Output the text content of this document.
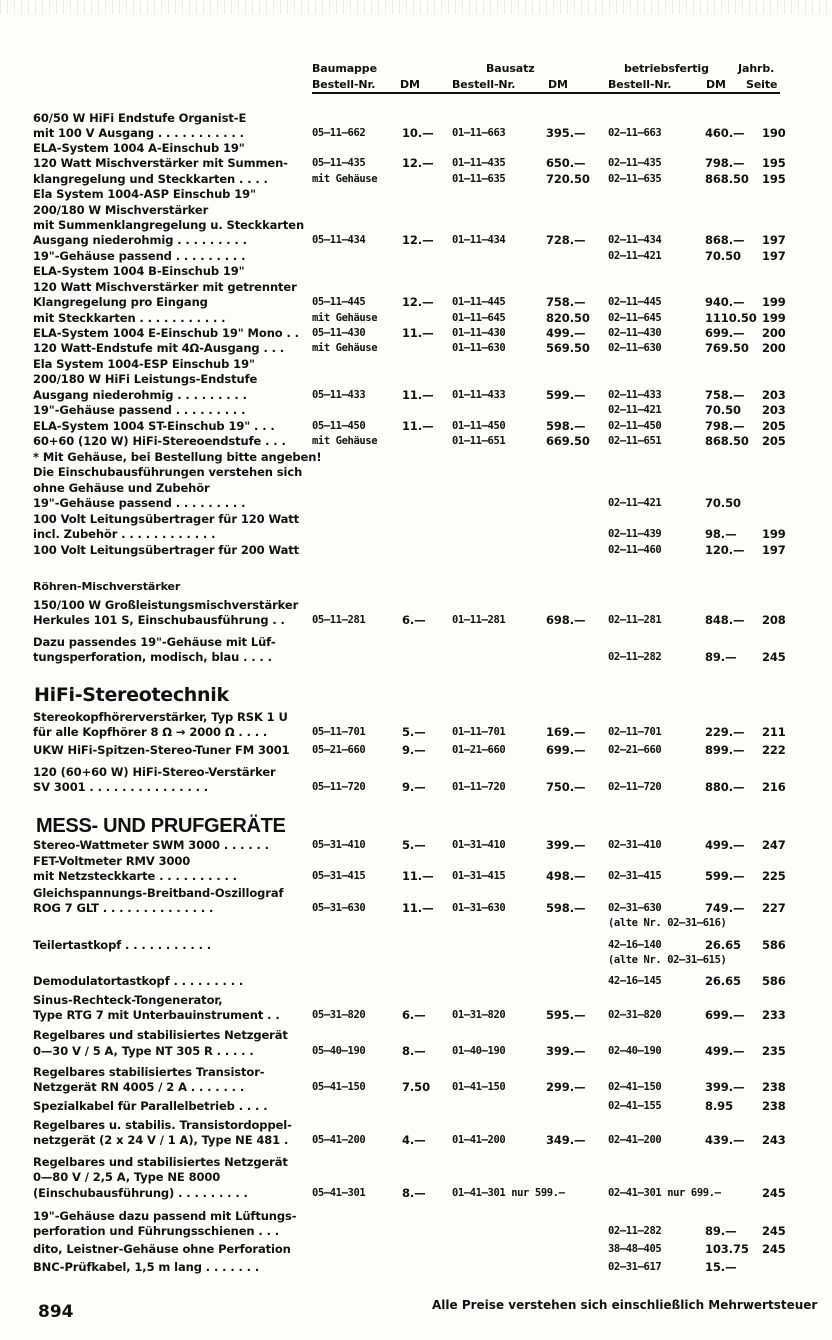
Baumappe	Bausatz	betriebsfertig	Jahrb.
Bestell-Nr. DM	Bestell-Nr.	DM	Bestell-Nr.	DM Seite
HiFi-Stereotechnik
MESS- UND PRUFGERÄTE
60/50 W HiFi Endstufe Organist-E
mit 100 V Ausgang . . . . . . . . . . .	05—11—662	10.— 01—11—663	395.— 02—11—663	460.— 190
ELA-System 1004 A-Einschub 19"
120 Watt Mischverstärker mit Summen- 05—11—435	12.— 01—11—435	650.— 02—11—435	798.— 195
klangregelung und Steckkarten . . . .	mit Gehäuse	01—11—635	720.50 02—11—635	868.50 195
Ela System 1004-ASP Einschub 19"
200/180 W Mischverstärker
mit Summenklangregelung u. Steckkarten
Ausgang niederohmig . . . . . . . . .	05—11—434	12.— 01—11—434	728.— 02—11—434	868.— 197
19"-Gehäuse passend . . . . . . . . .	02—11—421	70.50 197
ELA-System 1004 B-Einschub 19"
120 Watt Mischverstärker mit getrennter
Klangregelung pro Eingang	05—11—445	12.— 01—11—445	758.— 02—11—445	940.— 199
mit Steckkarten . . . . . . . . . . .	mit Gehäuse	01—11—645	820.50 02—11—645	1110.50 199
ELA-System 1004 E-Einschub 19" Mono . . 05—11—430	11.— 01—11—430	499.— 02—11—430	699.— 200
120 Watt-Endstufe mit 4Ω-Ausgang . . .	mit Gehäuse	01—11—630	569.50 02—11—630	769.50 200
Ela System 1004-ESP Einschub 19"
200/180 W HiFi Leistungs-Endstufe
Ausgang niederohmig . . . . . . . . .	05—11—433	11.— 01—11—433	599.— 02—11—433	758.— 203
19"-Gehäuse passend . . . . . . . . .	02—11—421	70.50 203
ELA-System 1004 ST-Einschub 19" . . .	05—11—450	11.— 01—11—450	598.— 02—11—450	798.— 205
60+60 (120 W) HiFi-Stereoendstufe . . .	mit Gehäuse	01—11—651	669.50 02—11—651	868.50 205
* Mit Gehäuse, bei Bestellung bitte angeben!
Die Einschubausführungen verstehen sich
ohne Gehäuse und Zubehör
19"-Gehäuse passend . . . . . . . . .	02—11—421	70.50
100 Volt Leitungsübertrager für 120 Watt
incl. Zubehör . . . . . . . . . . . .	02—11—439	98.— 199
100 Volt Leitungsübertrager für 200 Watt	02—11—460	120.— 197
Röhren-Mischverstärker
150/100 W Großleistungsmischverstärker
Herkules 101 S, Einschubausführung . .	05—11—281	6.—	01—11—281	698.— 02—11—281	848.— 208
Dazu passendes 19"-Gehäuse mit Lüf-
tungsperforation, modisch, blau . . . .	02—11—282	89.— 245
Stereokopfhörerverstärker, Typ RSK 1 U
für alle Kopfhörer 8 Ω → 2000 Ω . . . .	05—11—701	5.—	01—11—701	169.— 02—11—701	229.— 211
UKW HiFi-Spitzen-Stereo-Tuner FM 3001 05—21—660	9.—	01—21—660	699.— 02—21—660	899.— 222
120 (60+60 W) HiFi-Stereo-Verstärker
SV 3001 . . . . . . . . . . . . . . .	05—11—720	9.—	01—11—720	750.— 02—11—720	880.— 216
Stereo-Wattmeter SWM 3000 . . . . . .	05—31—410	5.—	01—31—410	399.— 02—31—410	499.— 247
FET-Voltmeter RMV 3000
mit Netzsteckkarte . . . . . . . . . .	05—31—415	11.— 01—31—415	498.— 02—31—415	599.— 225
Gleichspannungs-Breitband-Oszillograf
ROG 7 GLT . . . . . . . . . . . . . .	05—31—630	11.— 01—31—630	598.— 02—31—630	749.— 227
(alte Nr. 02—31—616)
Teilertastkopf . . . . . . . . . . .	42—16—140	26.65 586
(alte Nr. 02—31—615)
Demodulatortastkopf . . . . . . . . .	42—16—145	26.65 586
Sinus-Rechteck-Tongenerator,
Type RTG 7 mit Unterbauinstrument . .	05—31—820	6.—	01—31—820	595.— 02—31—820	699.— 233
Regelbares und stabilisiertes Netzgerät
0—30 V / 5 A, Type NT 305 R . . . . .	05—40—190	8.—	01—40—190	399.— 02—40—190	499.— 235
Regelbares stabilisiertes Transistor-
Netzgerät RN 4005 / 2 A . . . . . . .	05—41—150	7.50 01—41—150	299.— 02—41—150	399.— 238
Spezialkabel für Parallelbetrieb . . . .	02—41—155	8.95	238
Regelbares u. stabilis. Transistordoppel-
netzgerät (2 x 24 V / 1 A), Type NE 481 . 05—41—200	4.—	01—41—200	349.— 02—41—200	439.— 243
Regelbares und stabilisiertes Netzgerät
0—80 V / 2,5 A, Type NE 8000
(Einschubausführung) . . . . . . . . .	05—41—301	8.—	01—41—301 nur 599.—	02—41—301 nur 699.—	245
19"-Gehäuse dazu passend mit Lüftungs-
perforation und Führungsschienen . . .	02—11—282	89.— 245
dito, Leistner-Gehäuse ohne Perforation	38—48—405	103.75 245
BNC-Prüfkabel, 1,5 m lang . . . . . . .	02—31—617	15.—
894	Alle Preise verstehen sich einschließlich Mehrwertsteuer
